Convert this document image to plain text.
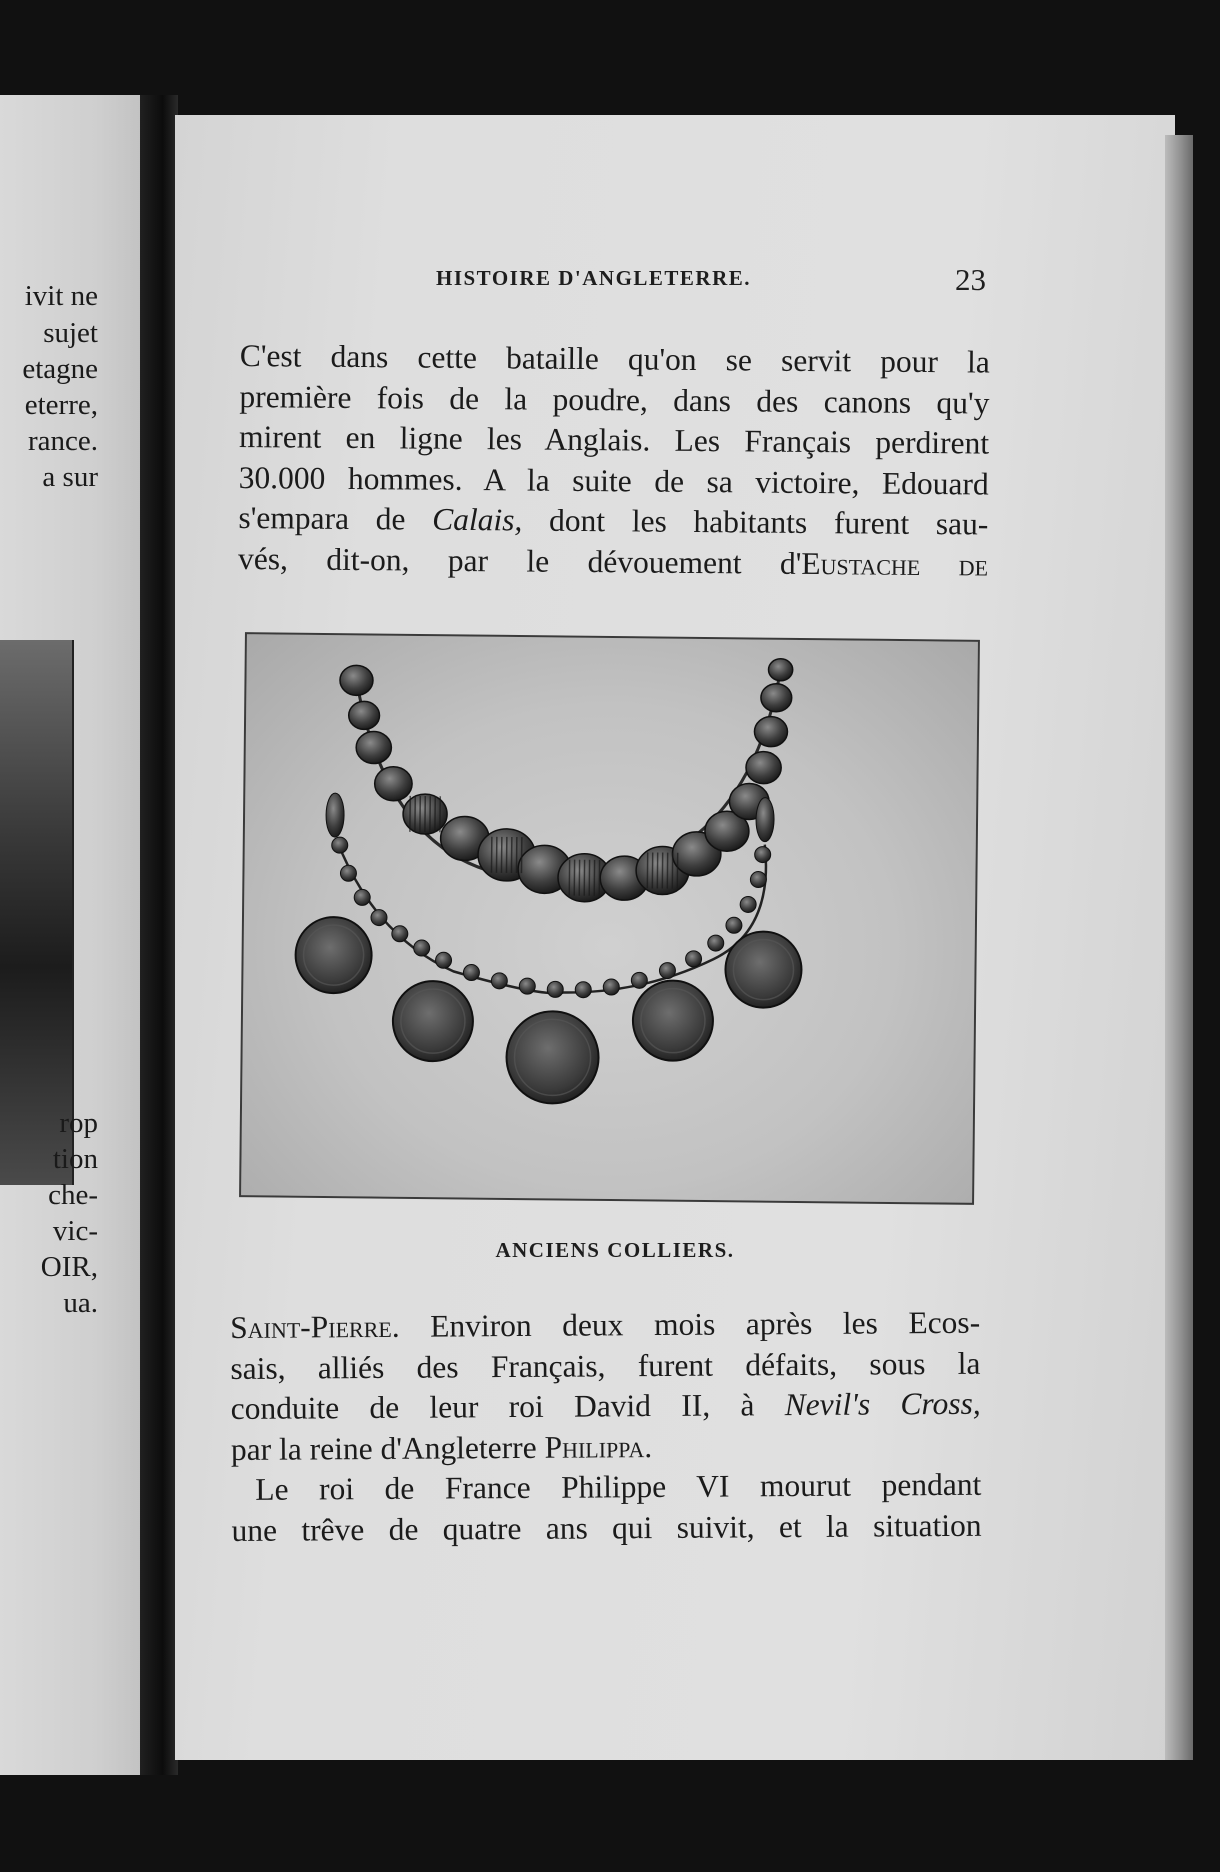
ivit ne
sujet
etagne
eterre,
rance.
a sur
rop
tion
che-
vic-
OIR,
ua.
HISTOIRE D'ANGLETERRE.	23
C'est dans cette bataille qu'on se servit pour la
première fois de la poudre, dans des canons qu'y
mirent en ligne les Anglais. Les Français perdirent
30.000 hommes. A la suite de sa victoire, Edouard
s'empara de Calais, dont les habitants furent sau-
vés, dit-on, par le dévouement d'Eustache de
ANCIENS COLLIERS.
Saint-Pierre. Environ deux mois après les Ecos-
sais, alliés des Français, furent défaits, sous la
conduite de leur roi David II, à Nevil's Cross,
par la reine d'Angleterre Philippa.
Le roi de France Philippe VI mourut pendant
une trêve de quatre ans qui suivit, et la situation
